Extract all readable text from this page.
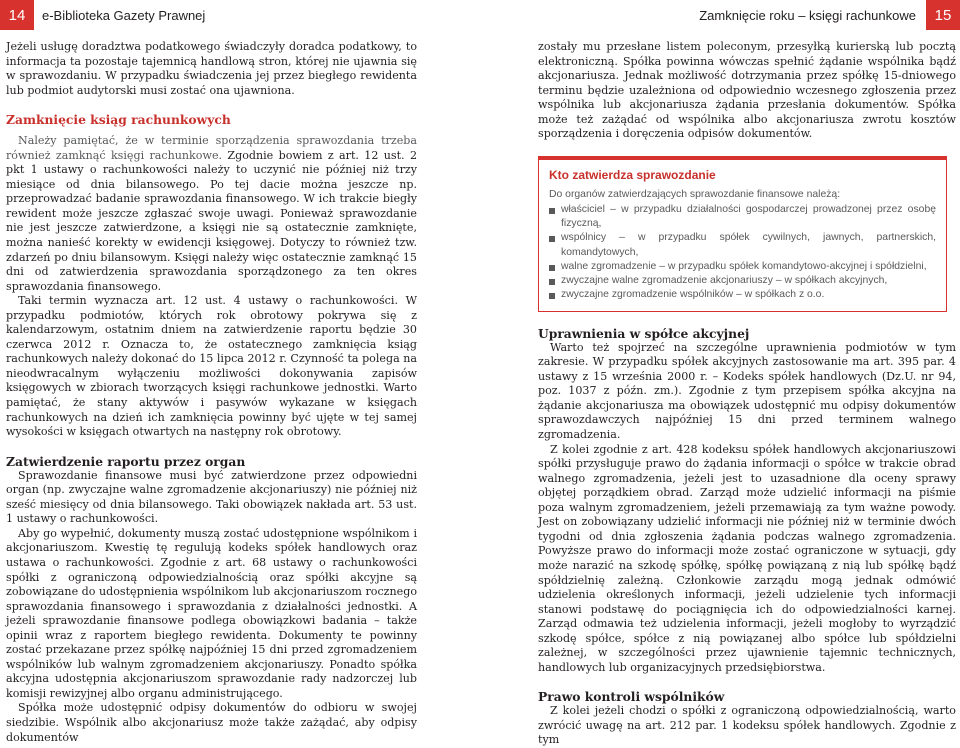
14	e-Biblioteka Gazety Prawnej	Zamknięcie roku – księgi rachunkowe	15

Jeżeli usługę doradztwa podatkowego świadczyły doradca podatkowy, to informacja ta pozostaje tajemnicą handlową stron, której nie ujawnia się w sprawozdaniu. W przypadku świadczenia jej przez biegłego rewidenta lub podmiot audytorski musi zostać ona ujawniona.

Zamknięcie ksiąg rachunkowych

Należy pamiętać, że w terminie sporządzenia sprawozdania trzeba również zamknąć księgi rachunkowe. Zgodnie bowiem z art. 12 ust. 2 pkt 1 ustawy o rachunkowości należy to uczynić nie później niż trzy miesiące od dnia bilansowego. Po tej dacie można jeszcze np. przeprowadzać badanie sprawozdania finansowego. W ich trakcie biegły rewident może jeszcze zgłaszać swoje uwagi. Ponieważ sprawozdanie nie jest jeszcze zatwierdzone, a księgi nie są ostatecznie zamknięte, można nanieść korekty w ewidencji księgowej. Dotyczy to również tzw. zdarzeń po dniu bilansowym. Księgi należy więc ostatecznie zamknąć 15 dni od zatwierdzenia sprawozdania sporządzonego za ten okres sprawozdania finansowego.

Taki termin wyznacza art. 12 ust. 4 ustawy o rachunkowości. W przypadku podmiotów, których rok obrotowy pokrywa się z kalendarzowym, ostatnim dniem na zatwierdzenie raportu będzie 30 czerwca 2012 r. Oznacza to, że ostatecznego zamknięcia ksiąg rachunkowych należy dokonać do 15 lipca 2012 r. Czynność ta polega na nieodwracalnym wyłączeniu możliwości dokonywania zapisów księgowych w zbiorach tworzących księgi rachunkowe jednostki. Warto pamiętać, że stany aktywów i pasywów wykazane w księgach rachunkowych na dzień ich zamknięcia powinny być ujęte w tej samej wysokości w księgach otwartych na następny rok obrotowy.

Zatwierdzenie raportu przez organ

Sprawozdanie finansowe musi być zatwierdzone przez odpowiedni organ (np. zwyczajne walne zgromadzenie akcjonariuszy) nie później niż sześć miesięcy od dnia bilansowego. Taki obowiązek nakłada art. 53 ust. 1 ustawy o rachunkowości.

Aby go wypełnić, dokumenty muszą zostać udostępnione wspólnikom i akcjonariuszom. Kwestię tę regulują kodeks spółek handlowych oraz ustawa o rachunkowości. Zgodnie z art. 68 ustawy o rachunkowości spółki z ograniczoną odpowiedzialnością oraz spółki akcyjne są zobowiązane do udostępnienia wspólnikom lub akcjonariuszom rocznego sprawozdania finansowego i sprawozdania z działalności jednostki. A jeżeli sprawozdanie finansowe podlega obowiązkowi badania – także opinii wraz z raportem biegłego rewidenta. Dokumenty te powinny zostać przekazane przez spółkę najpóźniej 15 dni przed zgromadzeniem wspólników lub walnym zgromadzeniem akcjonariuszy. Ponadto spółka akcyjna udostępnia akcjonariuszom sprawozdanie rady nadzorczej lub komisji rewizyjnej albo organu administrującego.

Spółka może udostępnić odpisy dokumentów do odbioru w swojej siedzibie. Wspólnik albo akcjonariusz może także zażądać, aby odpisy dokumentów

zostały mu przesłane listem poleconym, przesyłką kurierską lub pocztą elektroniczną. Spółka powinna wówczas spełnić żądanie wspólnika bądź akcjonariusza. Jednak możliwość dotrzymania przez spółkę 15-dniowego terminu będzie uzależniona od odpowiednio wczesnego zgłoszenia przez wspólnika lub akcjonariusza żądania przesłania dokumentów. Spółka może też zażądać od wspólnika albo akcjonariusza zwrotu kosztów sporządzenia i doręczenia odpisów dokumentów.

Kto zatwierdza sprawozdanie
Do organów zatwierdzających sprawozdanie finansowe należą:
właściciel – w przypadku działalności gospodarczej prowadzonej przez osobę fizyczną,
wspólnicy – w przypadku spółek cywilnych, jawnych, partnerskich, komandytowych,
walne zgromadzenie – w przypadku spółek komandytowo-akcyjnej i spółdzielni,
zwyczajne walne zgromadzenie akcjonariuszy – w spółkach akcyjnych,
zwyczajne zgromadzenie wspólników – w spółkach z o.o.
Uprawnienia w spółce akcyjnej

Warto też spojrzeć na szczególne uprawnienia podmiotów w tym zakresie. W przypadku spółek akcyjnych zastosowanie ma art. 395 par. 4 ustawy z 15 września 2000 r. – Kodeks spółek handlowych (Dz.U. nr 94, poz. 1037 z późn. zm.). Zgodnie z tym przepisem spółka akcyjna na żądanie akcjonariusza ma obowiązek udostępnić mu odpisy dokumentów sprawozdawczych najpóźniej 15 dni przed terminem walnego zgromadzenia.

Z kolei zgodnie z art. 428 kodeksu spółek handlowych akcjonariuszowi spółki przysługuje prawo do żądania informacji o spółce w trakcie obrad walnego zgromadzenia, jeżeli jest to uzasadnione dla oceny sprawy objętej porządkiem obrad. Zarząd może udzielić informacji na piśmie poza walnym zgromadzeniem, jeżeli przemawiają za tym ważne powody. Jest on zobowiązany udzielić informacji nie później niż w terminie dwóch tygodni od dnia zgłoszenia żądania podczas walnego zgromadzenia. Powyższe prawo do informacji może zostać ograniczone w sytuacji, gdy może narazić na szkodę spółkę, spółkę powiązaną z nią lub spółkę bądź spółdzielnię zależną. Członkowie zarządu mogą jednak odmówić udzielenia określonych informacji, jeżeli udzielenie tych informacji stanowi podstawę do pociągnięcia ich do odpowiedzialności karnej. Zarząd odmawia też udzielenia informacji, jeżeli mogłoby to wyrządzić szkodę spółce, spółce z nią powiązanej albo spółce lub spółdzielni zależnej, w szczególności przez ujawnienie tajemnic technicznych, handlowych lub organizacyjnych przedsiębiorstwa.

Prawo kontroli wspólników

Z kolei jeżeli chodzi o spółki z ograniczoną odpowiedzialnością, warto zwrócić uwagę na art. 212 par. 1 kodeksu spółek handlowych. Zgodnie z tym
